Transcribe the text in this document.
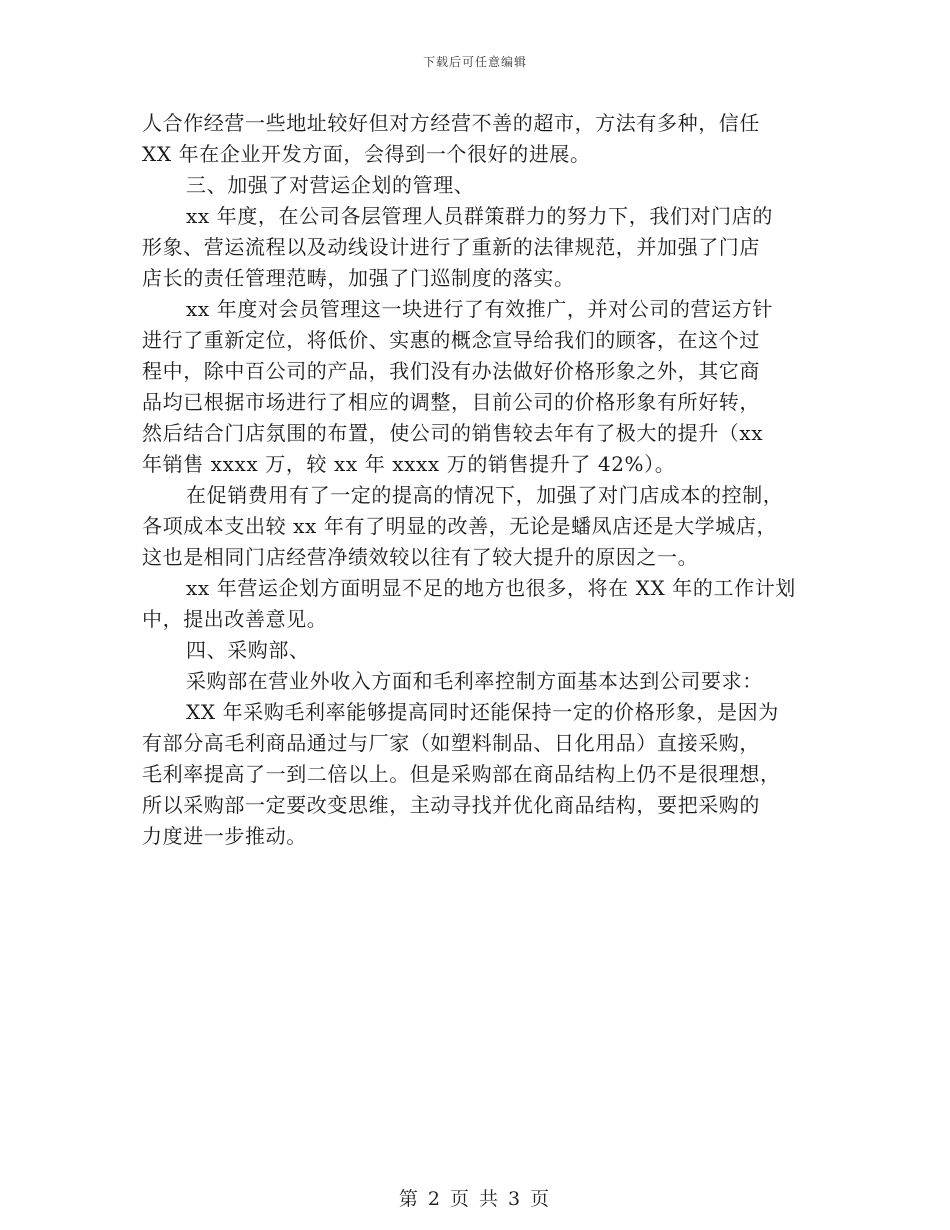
下载后可任意编辑
人合作经营一些地址较好但对方经营不善的超市，方法有多种，信任
XX 年在企业开发方面，会得到一个很好的进展。
三、加强了对营运企划的管理、
xx 年度，在公司各层管理人员群策群力的努力下，我们对门店的
形象、营运流程以及动线设计进行了重新的法律规范，并加强了门店
店长的责任管理范畴，加强了门巡制度的落实。
xx 年度对会员管理这一块进行了有效推广，并对公司的营运方针
进行了重新定位，将低价、实惠的概念宣导给我们的顾客，在这个过
程中，除中百公司的产品，我们没有办法做好价格形象之外，其它商
品均已根据市场进行了相应的调整，目前公司的价格形象有所好转，
然后结合门店氛围的布置，使公司的销售较去年有了极大的提升（xx
年销售 xxxx 万，较 xx 年 xxxx 万的销售提升了 42%）。
在促销费用有了一定的提高的情况下，加强了对门店成本的控制，
各项成本支出较 xx 年有了明显的改善，无论是蟠凤店还是大学城店，
这也是相同门店经营净绩效较以往有了较大提升的原因之一。
xx 年营运企划方面明显不足的地方也很多，将在 XX 年的工作计划
中，提出改善意见。
四、采购部、
采购部在营业外收入方面和毛利率控制方面基本达到公司要求：
XX 年采购毛利率能够提高同时还能保持一定的价格形象，是因为
有部分高毛利商品通过与厂家（如塑料制品、日化用品）直接采购，
毛利率提高了一到二倍以上。但是采购部在商品结构上仍不是很理想，
所以采购部一定要改变思维，主动寻找并优化商品结构，要把采购的
力度进一步推动。
第 2 页 共 3 页
